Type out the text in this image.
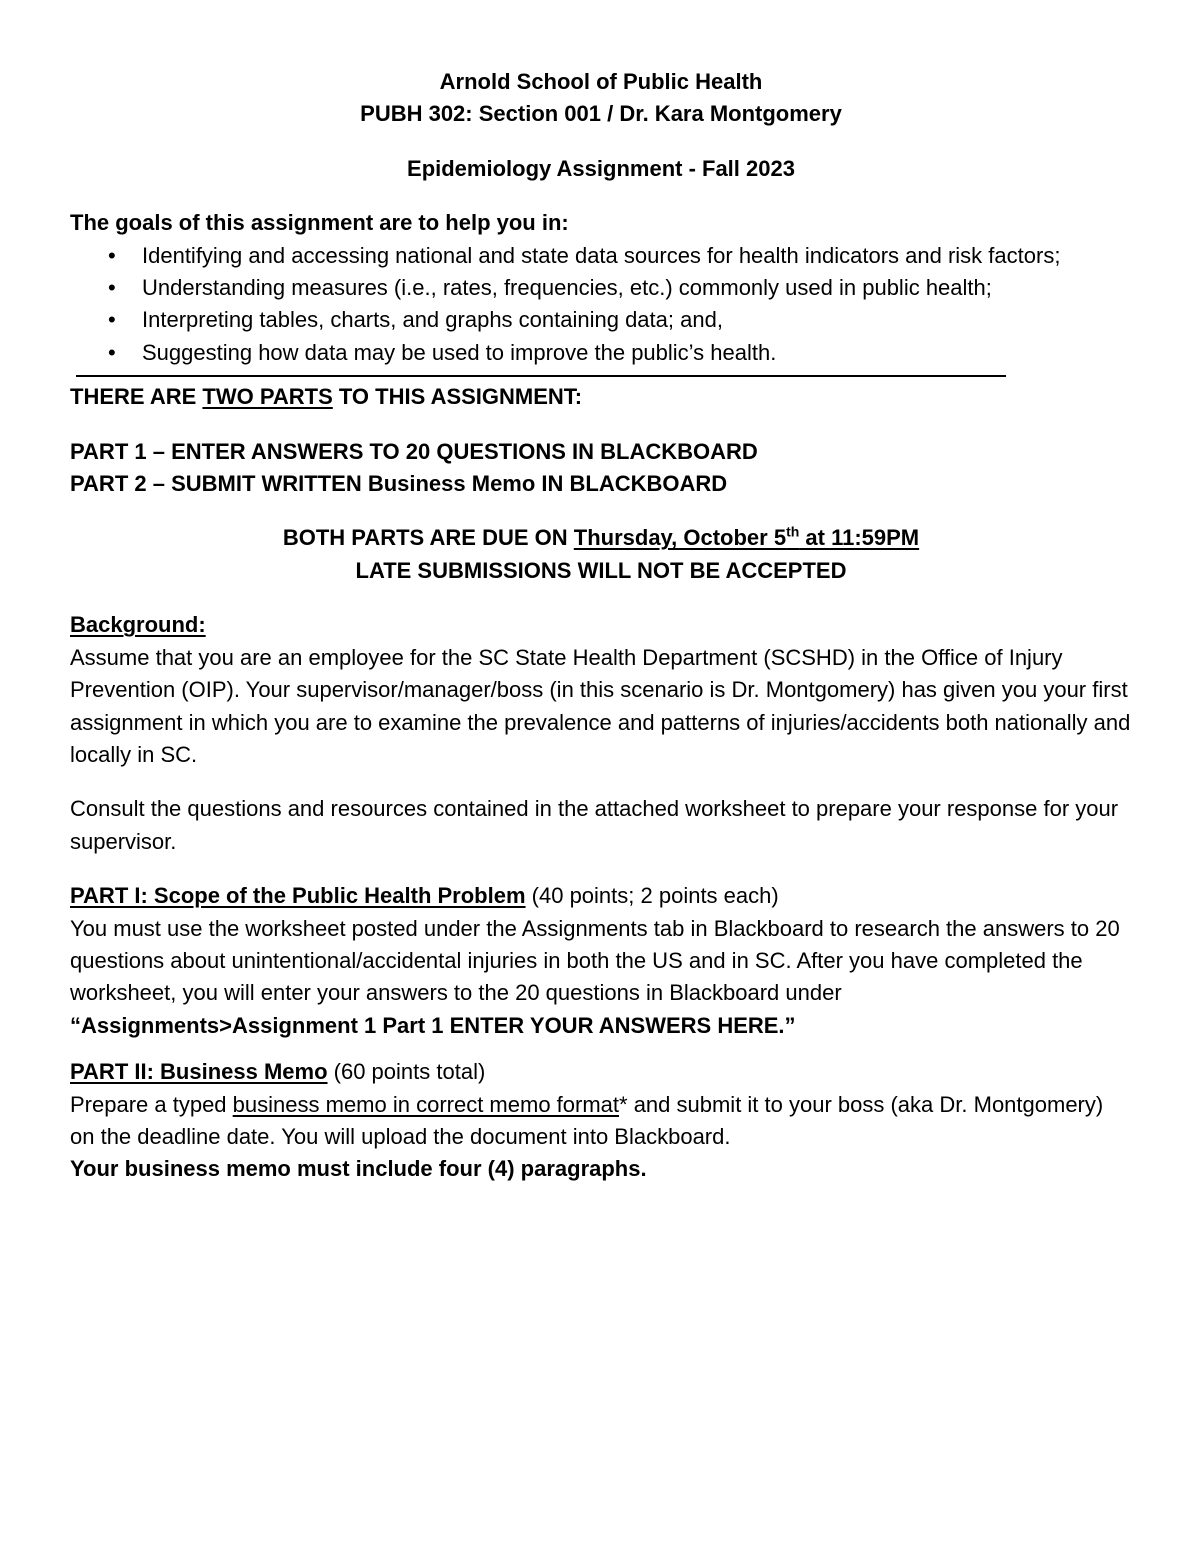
Arnold School of Public Health
PUBH 302: Section 001 / Dr. Kara Montgomery
Epidemiology Assignment - Fall 2023
The goals of this assignment are to help you in:
• Identifying and accessing national and state data sources for health indicators and risk factors;
• Understanding measures (i.e., rates, frequencies, etc.) commonly used in public health;
• Interpreting tables, charts, and graphs containing data; and,
• Suggesting how data may be used to improve the public’s health.
THERE ARE TWO PARTS TO THIS ASSIGNMENT:
PART 1 – ENTER ANSWERS TO 20 QUESTIONS IN BLACKBOARD
PART 2 – SUBMIT WRITTEN Business Memo IN BLACKBOARD
BOTH PARTS ARE DUE ON Thursday, October 5th at 11:59PM
LATE SUBMISSIONS WILL NOT BE ACCEPTED
Background:
Assume that you are an employee for the SC State Health Department (SCSHD) in the Office of Injury Prevention (OIP). Your supervisor/manager/boss (in this scenario is Dr. Montgomery) has given you your first assignment in which you are to examine the prevalence and patterns of injuries/accidents both nationally and locally in SC.
Consult the questions and resources contained in the attached worksheet to prepare your response for your supervisor.
PART I: Scope of the Public Health Problem (40 points; 2 points each)
You must use the worksheet posted under the Assignments tab in Blackboard to research the answers to 20 questions about unintentional/accidental injuries in both the US and in SC. After you have completed the worksheet, you will enter your answers to the 20 questions in Blackboard under “Assignments>Assignment 1 Part 1 ENTER YOUR ANSWERS HERE.”
PART II: Business Memo (60 points total)
Prepare a typed business memo in correct memo format* and submit it to your boss (aka Dr. Montgomery) on the deadline date. You will upload the document into Blackboard.
Your business memo must include four (4) paragraphs.
